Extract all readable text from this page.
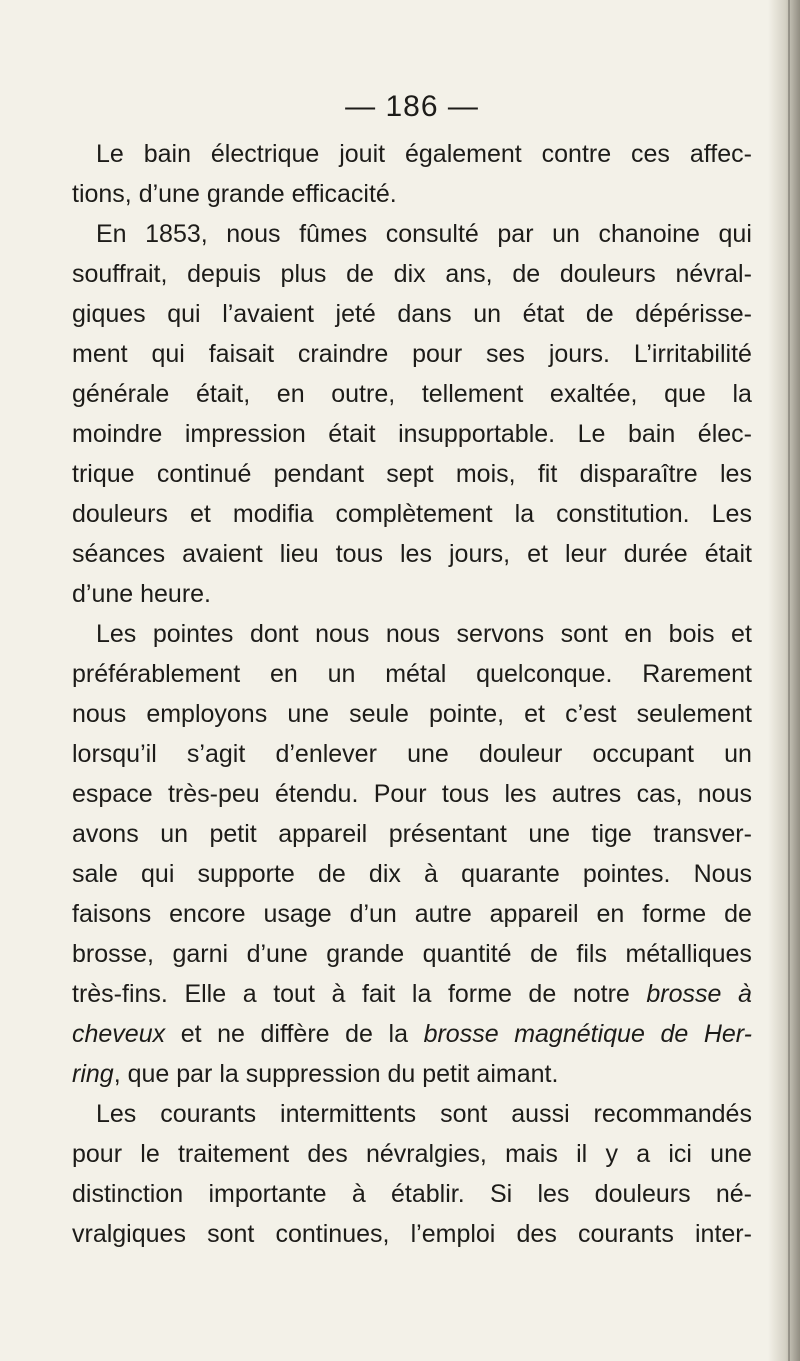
— 186 —
Le bain électrique jouit également contre ces affec-
tions, d’une grande efficacité.
En 1853, nous fûmes consulté par un chanoine qui
souffrait, depuis plus de dix ans, de douleurs névral-
giques qui l’avaient jeté dans un état de dépérisse-
ment qui faisait craindre pour ses jours. L’irritabilité
générale était, en outre, tellement exaltée, que la
moindre impression était insupportable. Le bain élec-
trique continué pendant sept mois, fit disparaître les
douleurs et modifia complètement la constitution. Les
séances avaient lieu tous les jours, et leur durée était
d’une heure.
Les pointes dont nous nous servons sont en bois et
préférablement en un métal quelconque. Rarement
nous employons une seule pointe, et c’est seulement
lorsqu’il s’agit d’enlever une douleur occupant un
espace très-peu étendu. Pour tous les autres cas, nous
avons un petit appareil présentant une tige transver-
sale qui supporte de dix à quarante pointes. Nous
faisons encore usage d’un autre appareil en forme de
brosse, garni d’une grande quantité de fils métalliques
très-fins. Elle a tout à fait la forme de notre brosse à
cheveux et ne diffère de la brosse magnétique de Her-
ring , que par la suppression du petit aimant.
Les courants intermittents sont aussi recommandés
pour le traitement des névralgies, mais il y a ici une
distinction importante à établir. Si les douleurs né-
vralgiques sont continues, l’emploi des courants inter-
